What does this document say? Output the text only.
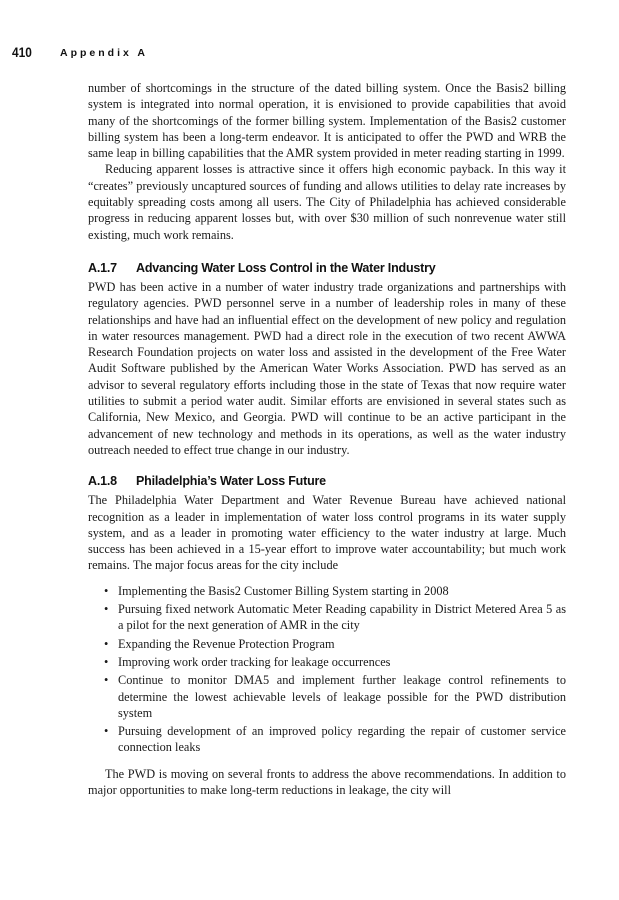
410	Appendix A

number of shortcomings in the structure of the dated billing system. Once the Basis2 billing system is integrated into normal operation, it is envisioned to provide capabilities that avoid many of the shortcomings of the former billing system. Implementation of the Basis2 customer billing system has been a long-term endeavor. It is anticipated to offer the PWD and WRB the same leap in billing capabilities that the AMR system provided in meter reading starting in 1999.

Reducing apparent losses is attractive since it offers high economic payback. In this way it “creates” previously uncaptured sources of funding and allows utilities to delay rate increases by equitably spreading costs among all users. The City of Philadelphia has achieved considerable progress in reducing apparent losses but, with over $30 million of such nonrevenue water still existing, much work remains.

A.1.7 Advancing Water Loss Control in the Water Industry

PWD has been active in a number of water industry trade organizations and partnerships with regulatory agencies. PWD personnel serve in a number of leadership roles in many of these relationships and have had an influential effect on the development of new policy and regulation in water resources management. PWD had a direct role in the execution of two recent AWWA Research Foundation projects on water loss and assisted in the development of the Free Water Audit Software published by the American Water Works Association. PWD has served as an advisor to several regulatory efforts including those in the state of Texas that now require water utilities to submit a period water audit. Similar efforts are envisioned in several states such as California, New Mexico, and Georgia. PWD will continue to be an active participant in the advancement of new technology and methods in its operations, as well as the water industry outreach needed to effect true change in our industry.

A.1.8 Philadelphia’s Water Loss Future

The Philadelphia Water Department and Water Revenue Bureau have achieved national recognition as a leader in implementation of water loss control programs in its water supply system, and as a leader in promoting water efficiency to the water industry at large. Much success has been achieved in a 15-year effort to improve water accountability; but much work remains. The major focus areas for the city include

• Implementing the Basis2 Customer Billing System starting in 2008
• Pursuing fixed network Automatic Meter Reading capability in District Metered Area 5 as a pilot for the next generation of AMR in the city
• Expanding the Revenue Protection Program
• Improving work order tracking for leakage occurrences
• Continue to monitor DMA5 and implement further leakage control refinements to determine the lowest achievable levels of leakage possible for the PWD distribution system
• Pursuing development of an improved policy regarding the repair of customer service connection leaks

The PWD is moving on several fronts to address the above recommendations. In addition to major opportunities to make long-term reductions in leakage, the city will
